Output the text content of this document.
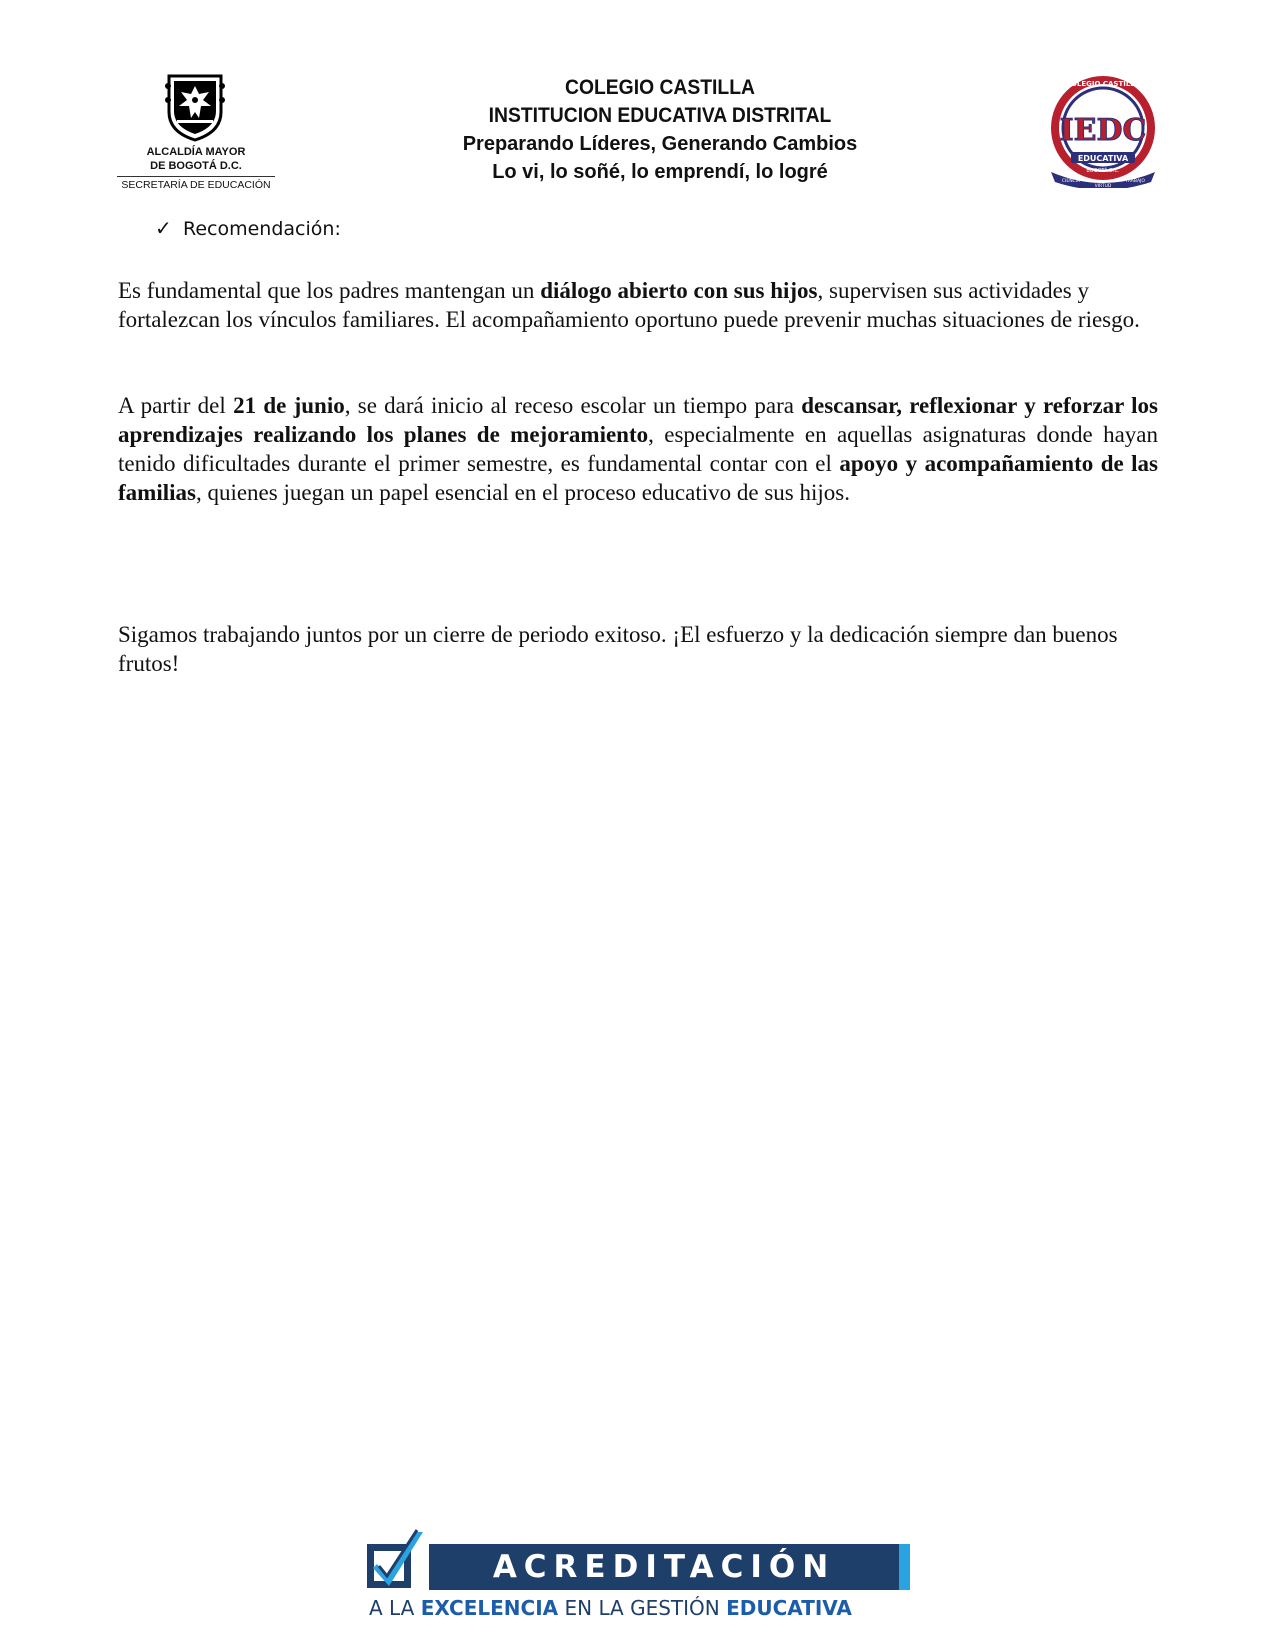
ALCALDÍA MAYOR
DE BOGOTÁ D.C.
SECRETARÍA DE EDUCACIÓN
COLEGIO CASTILLA
INSTITUCION EDUCATIVA DISTRITAL
Preparando Líderes, Generando Cambios
Lo vi, lo soñé, lo emprendí, lo logré
COLEGIO CASTILLA
IEDC
EDUCATIVA
BOGOTÁ D.C.
CIENCIA
VIRTUD
TRABAJO
✓ Recomendación:

Es fundamental que los padres mantengan un diálogo abierto con sus hijos, supervisen sus actividades y fortalezcan los vínculos familiares. El acompañamiento oportuno puede prevenir muchas situaciones de riesgo.

A partir del 21 de junio, se dará inicio al receso escolar un tiempo para descansar, reflexionar y reforzar los aprendizajes realizando los planes de mejoramiento, especialmente en aquellas asignaturas donde hayan tenido dificultades durante el primer semestre, es fundamental contar con el apoyo y acompañamiento de las familias, quienes juegan un papel esencial en el proceso educativo de sus hijos.

Sigamos trabajando juntos por un cierre de periodo exitoso. ¡El esfuerzo y la dedicación siempre dan buenos frutos!

ACREDITACIÓN
A LA EXCELENCIA EN LA GESTIÓN EDUCATIVA
